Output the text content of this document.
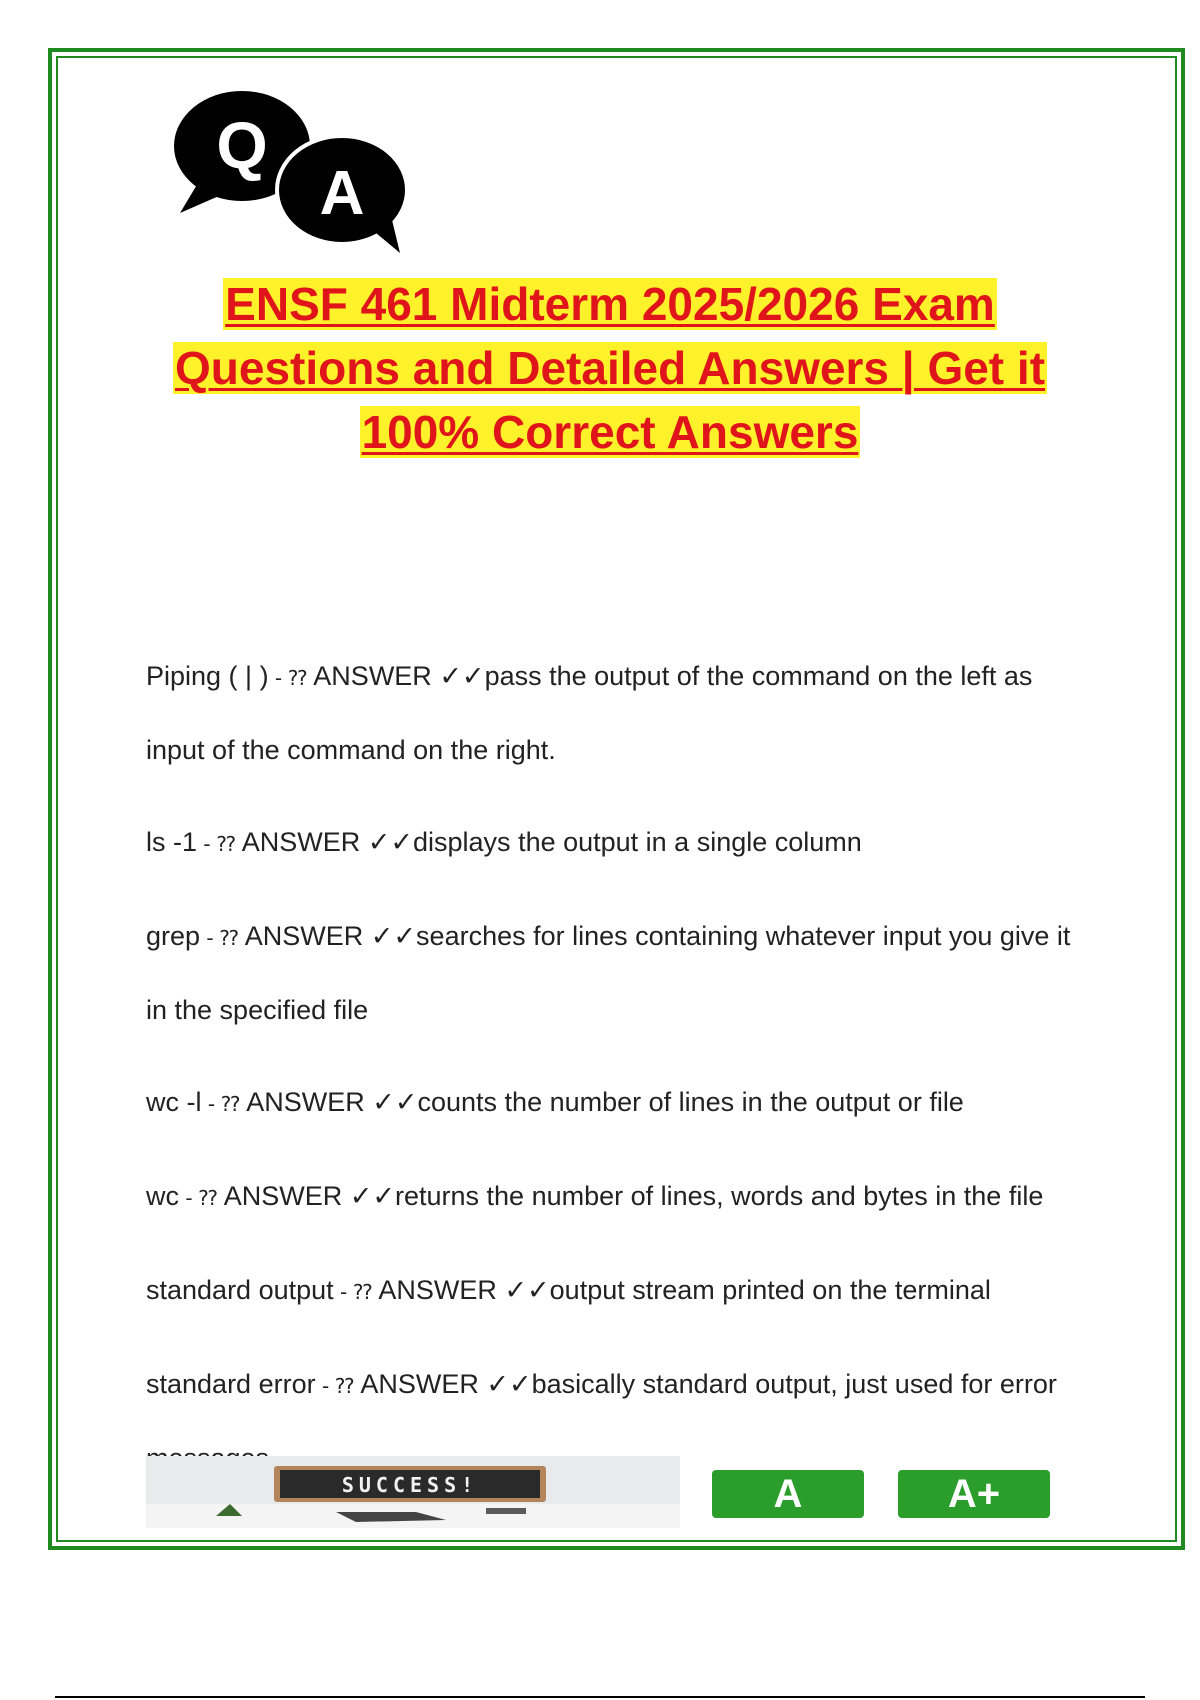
Q
A
ENSF 461 Midterm 2025/2026 Exam
Questions and Detailed Answers | Get it
100% Correct Answers
Piping ( | ) - ⁇ ANSWER ✓✓pass the output of the command on the left as input of the command on the right.
ls -1 - ⁇ ANSWER ✓✓displays the output in a single column
grep - ⁇ ANSWER ✓✓searches for lines containing whatever input you give it in the specified file
wc -l - ⁇ ANSWER ✓✓counts the number of lines in the output or file
wc - ⁇ ANSWER ✓✓returns the number of lines, words and bytes in the file
standard output - ⁇ ANSWER ✓✓output stream printed on the terminal
standard error - ⁇ ANSWER ✓✓basically standard output, just used for error
SUCCESS!	A	A+
